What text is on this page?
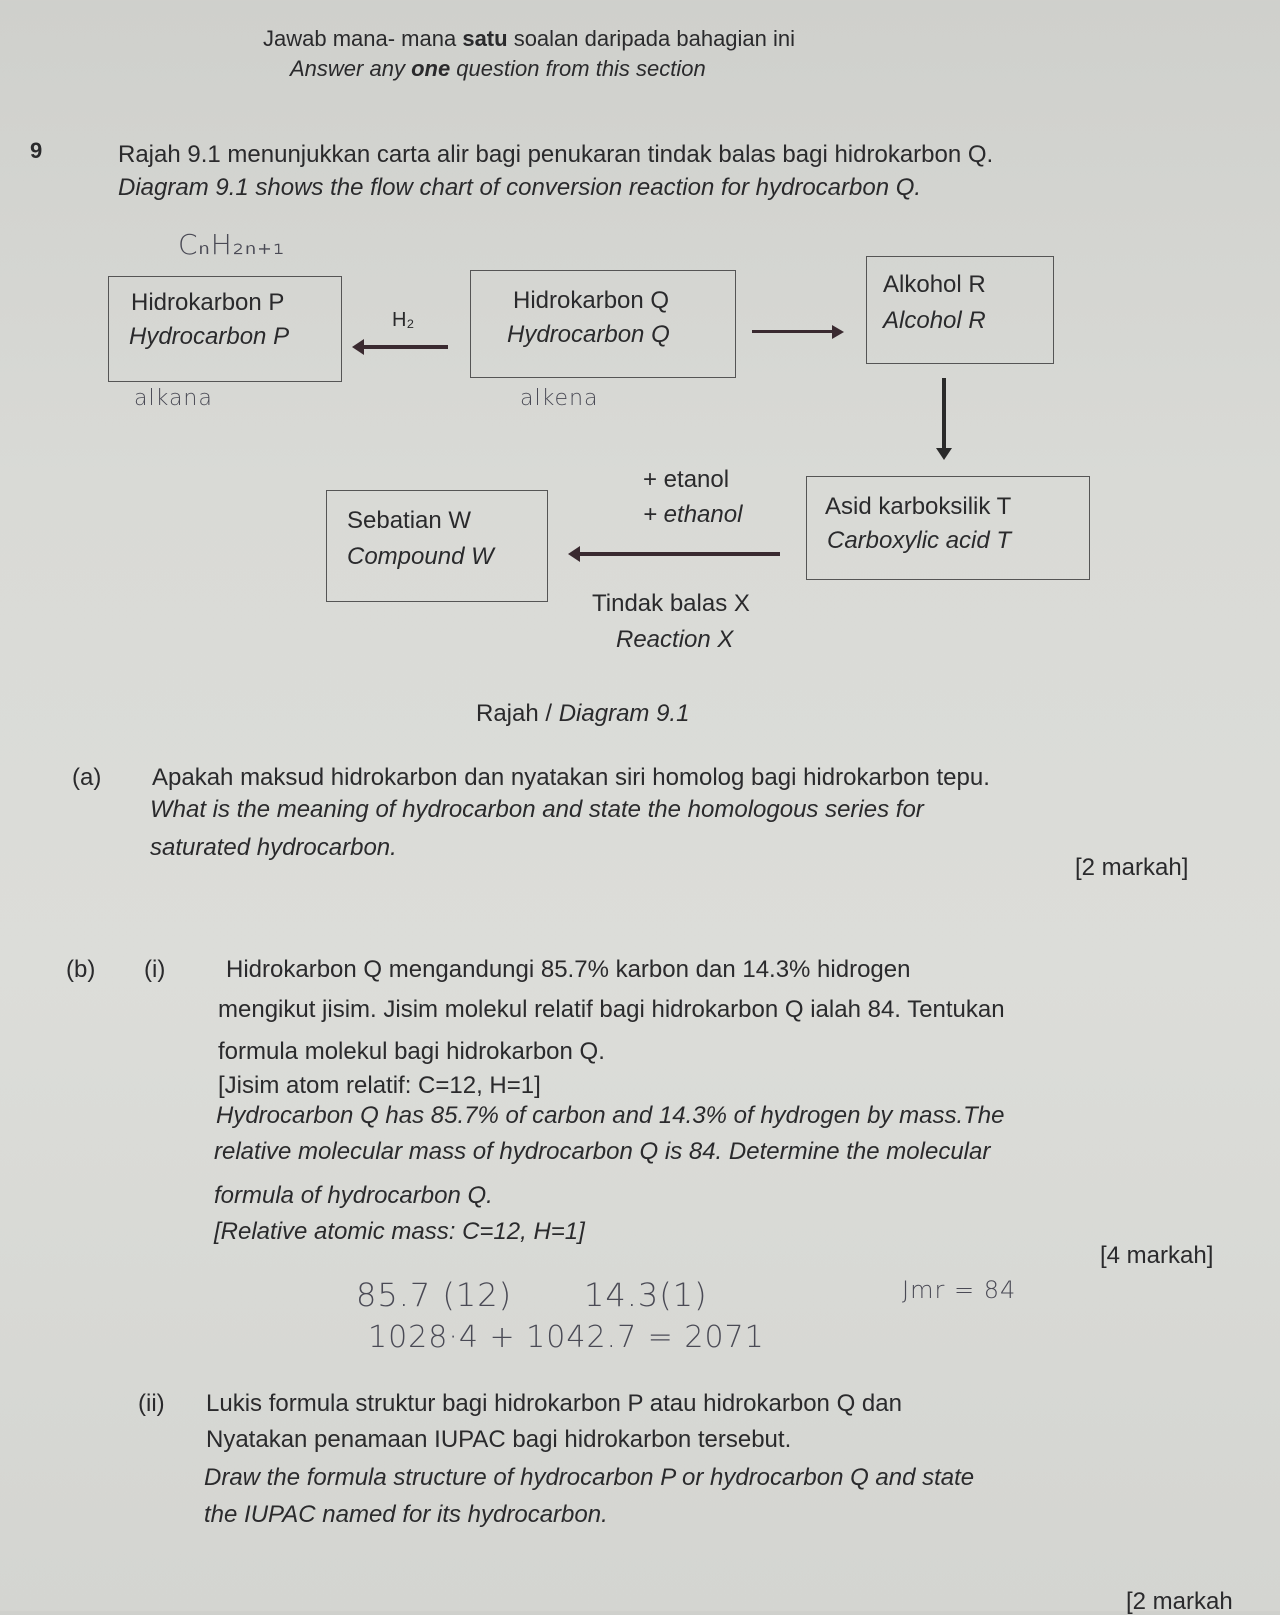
Jawab mana- mana satu soalan daripada bahagian ini
Answer any one question from this section
9	Rajah 9.1 menunjukkan carta alir bagi penukaran tindak balas bagi hidrokarbon Q.
Diagram 9.1 shows the flow chart of conversion reaction for hydrocarbon Q.
CₙH₂ₙ₊₁
Hidrokarbon P
Hydrocarbon P
H₂
Hidrokarbon Q
Hydrocarbon Q
Alkohol R
Alcohol R
alkana	alkena
+ etanol
+ ethanol
Sebatian W
Compound W
Asid karboksilik T
Carboxylic acid T
Tindak balas X
Reaction X
Rajah / Diagram 9.1
(a) Apakah maksud hidrokarbon dan nyatakan siri homolog bagi hidrokarbon tepu.
What is the meaning of hydrocarbon and state the homologous series for
saturated hydrocarbon.
[2 markah]
(b) (i)	Hidrokarbon Q mengandungi 85.7% karbon dan 14.3% hidrogen
mengikut jisim. Jisim molekul relatif bagi hidrokarbon Q ialah 84. Tentukan
formula molekul bagi hidrokarbon Q.
[Jisim atom relatif: C=12, H=1]
Hydrocarbon Q has 85.7% of carbon and 14.3% of hydrogen by mass.The
relative molecular mass of hydrocarbon Q is 84. Determine the molecular
formula of hydrocarbon Q.
[Relative atomic mass: C=12, H=1]
[4 markah]
85.7 (12) 14.3(1)	Jmr = 84
1028·4 + 1042.7 = 2071
(ii) Lukis formula struktur bagi hidrokarbon P atau hidrokarbon Q dan
Nyatakan penamaan IUPAC bagi hidrokarbon tersebut.
Draw the formula structure of hydrocarbon P or hydrocarbon Q and state
the IUPAC named for its hydrocarbon.
[2 markah
